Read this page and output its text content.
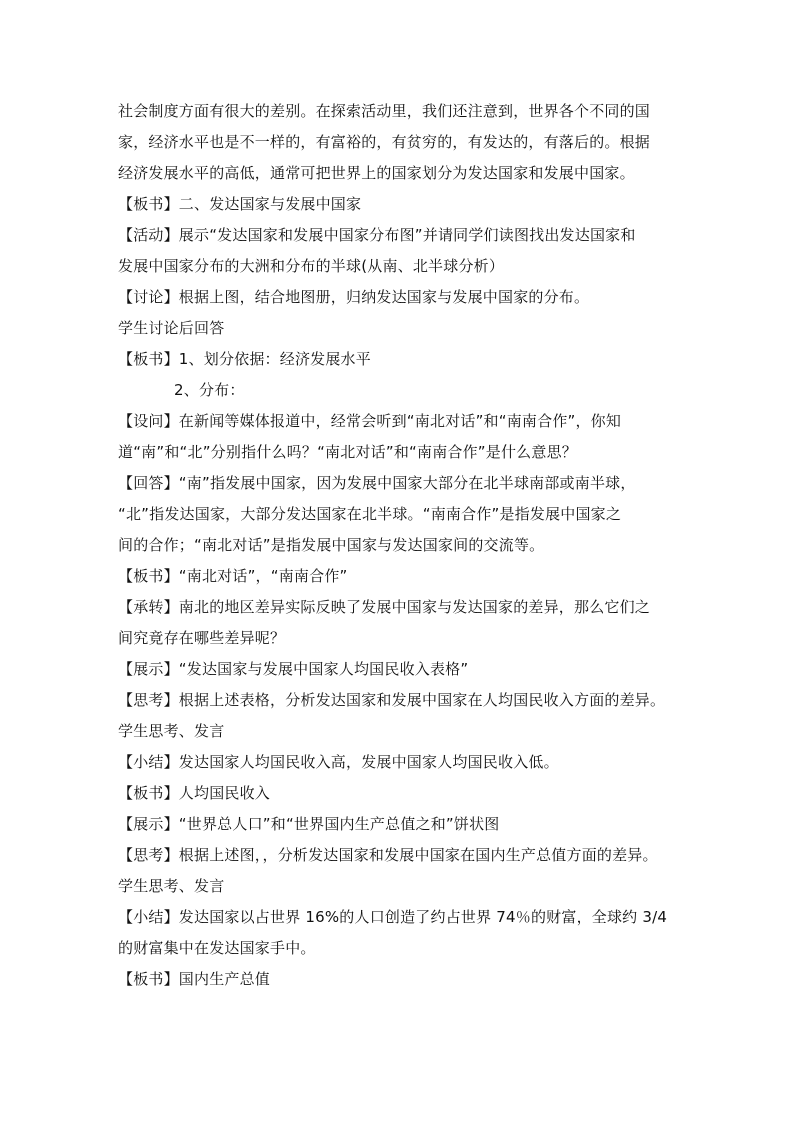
社会制度方面有很大的差别。在探索活动里，我们还注意到，世界各个不同的国
家，经济水平也是不一样的，有富裕的，有贫穷的，有发达的，有落后的。根据
经济发展水平的高低，通常可把世界上的国家划分为发达国家和发展中国家。
【板书】二、发达国家与发展中国家
【活动】展示“发达国家和发展中国家分布图”并请同学们读图找出发达国家和
发展中国家分布的大洲和分布的半球(从南、北半球分析）
【讨论】根据上图，结合地图册，归纳发达国家与发展中国家的分布。
学生讨论后回答
【板书】1、划分依据：经济发展水平
2、分布：
【设问】在新闻等媒体报道中，经常会听到“南北对话”和“南南合作”，你知
道“南”和“北”分别指什么吗？“南北对话”和“南南合作”是什么意思？
【回答】“南”指发展中国家，因为发展中国家大部分在北半球南部或南半球，
“北”指发达国家，大部分发达国家在北半球。“南南合作”是指发展中国家之
间的合作；“南北对话”是指发展中国家与发达国家间的交流等。
【板书】“南北对话”，“南南合作”
【承转】南北的地区差异实际反映了发展中国家与发达国家的差异，那么它们之
间究竟存在哪些差异呢？
【展示】“发达国家与发展中国家人均国民收入表格”
【思考】根据上述表格，分析发达国家和发展中国家在人均国民收入方面的差异。
学生思考、发言
【小结】发达国家人均国民收入高，发展中国家人均国民收入低。
【板书】人均国民收入
【展示】“世界总人口”和“世界国内生产总值之和”饼状图
【思考】根据上述图，，分析发达国家和发展中国家在国内生产总值方面的差异。
学生思考、发言
【小结】发达国家以占世界 16%的人口创造了约占世界 74％的财富，全球约 3/4
的财富集中在发达国家手中。
【板书】国内生产总值
